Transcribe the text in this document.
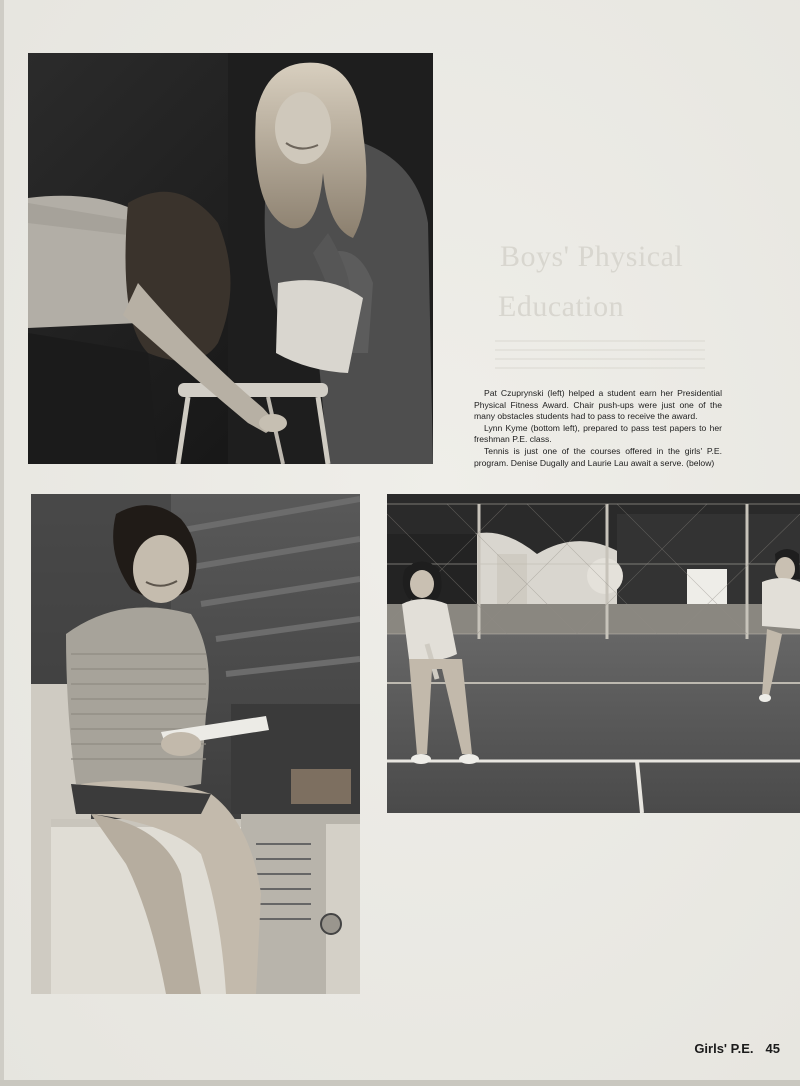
Boys' Physical
Education

Pat Czuprynski (left) helped a student earn her Presidential Physical Fitness Award. Chair push-ups were just one of the many obstacles students had to pass to receive the award.

Lynn Kyme (bottom left), prepared to pass test papers to her freshman P.E. class.

Tennis is just one of the courses offered in the girls' P.E. program. Denise Dugally and Laurie Lau await a serve. (below)

Girls' P.E. 45
